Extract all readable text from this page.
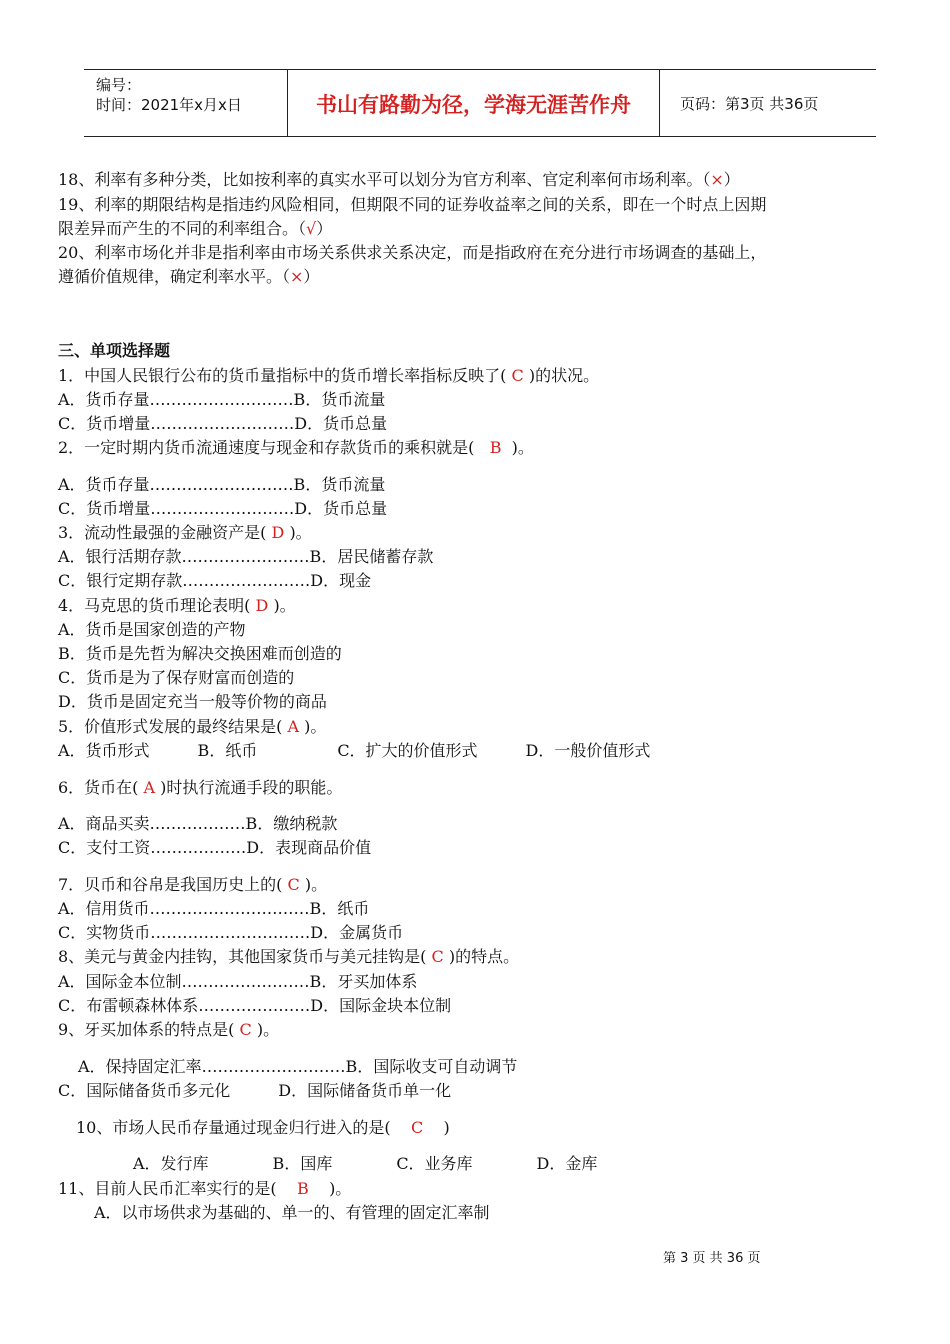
编号：
时间：2021年x月x日	书山有路勤为径，学海无涯苦作舟	页码：第3页 共36页
18、利率有多种分类，比如按利率的真实水平可以划分为官方利率、官定利率何市场利率。（×）
19、利率的期限结构是指违约风险相同，但期限不同的证券收益率之间的关系，即在一个时点上因期
限差异而产生的不同的利率组合。（√）
20、利率市场化并非是指利率由市场关系供求关系决定，而是指政府在充分进行市场调查的基础上，
遵循价值规律，确定利率水平。（×）
三、单项选择题
1．中国人民银行公布的货币量指标中的货币增长率指标反映了( C )的状况。
A．货币存量………………………B．货币流量
C．货币增量………………………D．货币总量
2．一定时期内货币流通速度与现金和存款货币的乘积就是(   B  )。
A．货币存量………………………B．货币流量
C．货币增量………………………D．货币总量
3．流动性最强的金融资产是( D )。
A．银行活期存款……………………B．居民储蓄存款
C．银行定期存款……………………D．现金
4．马克思的货币理论表明( D )。
A．货币是国家创造的产物
B．货币是先哲为解决交换困难而创造的
C．货币是为了保存财富而创造的
D．货币是固定充当一般等价物的商品
5．价值形式发展的最终结果是( A )。
A．货币形式　　　B．纸币　　　　　C．扩大的价值形式　　　D．一般价值形式
6．货币在( A )时执行流通手段的职能。
A．商品买卖………………B．缴纳税款
C．支付工资………………D．表现商品价值
7．贝币和谷帛是我国历史上的( C )。
A．信用货币…………………………B．纸币
C．实物货币…………………………D．金属货币
8、美元与黄金内挂钩，其他国家货币与美元挂钩是( C )的特点。
A．国际金本位制……………………B．牙买加体系
C．布雷顿森林体系…………………D．国际金块本位制
9、牙买加体系的特点是( C )。
A．保持固定汇率………………………B．国际收支可自动调节
C．国际储备货币多元化　　　D．国际储备货币单一化
10、市场人民币存量通过现金归行进入的是(    C    )
A．发行库　　　　B．国库　　　　C．业务库　　　　D．金库
11、目前人民币汇率实行的是(    B    )。
A．以市场供求为基础的、单一的、有管理的固定汇率制
第 3 页 共 36 页
